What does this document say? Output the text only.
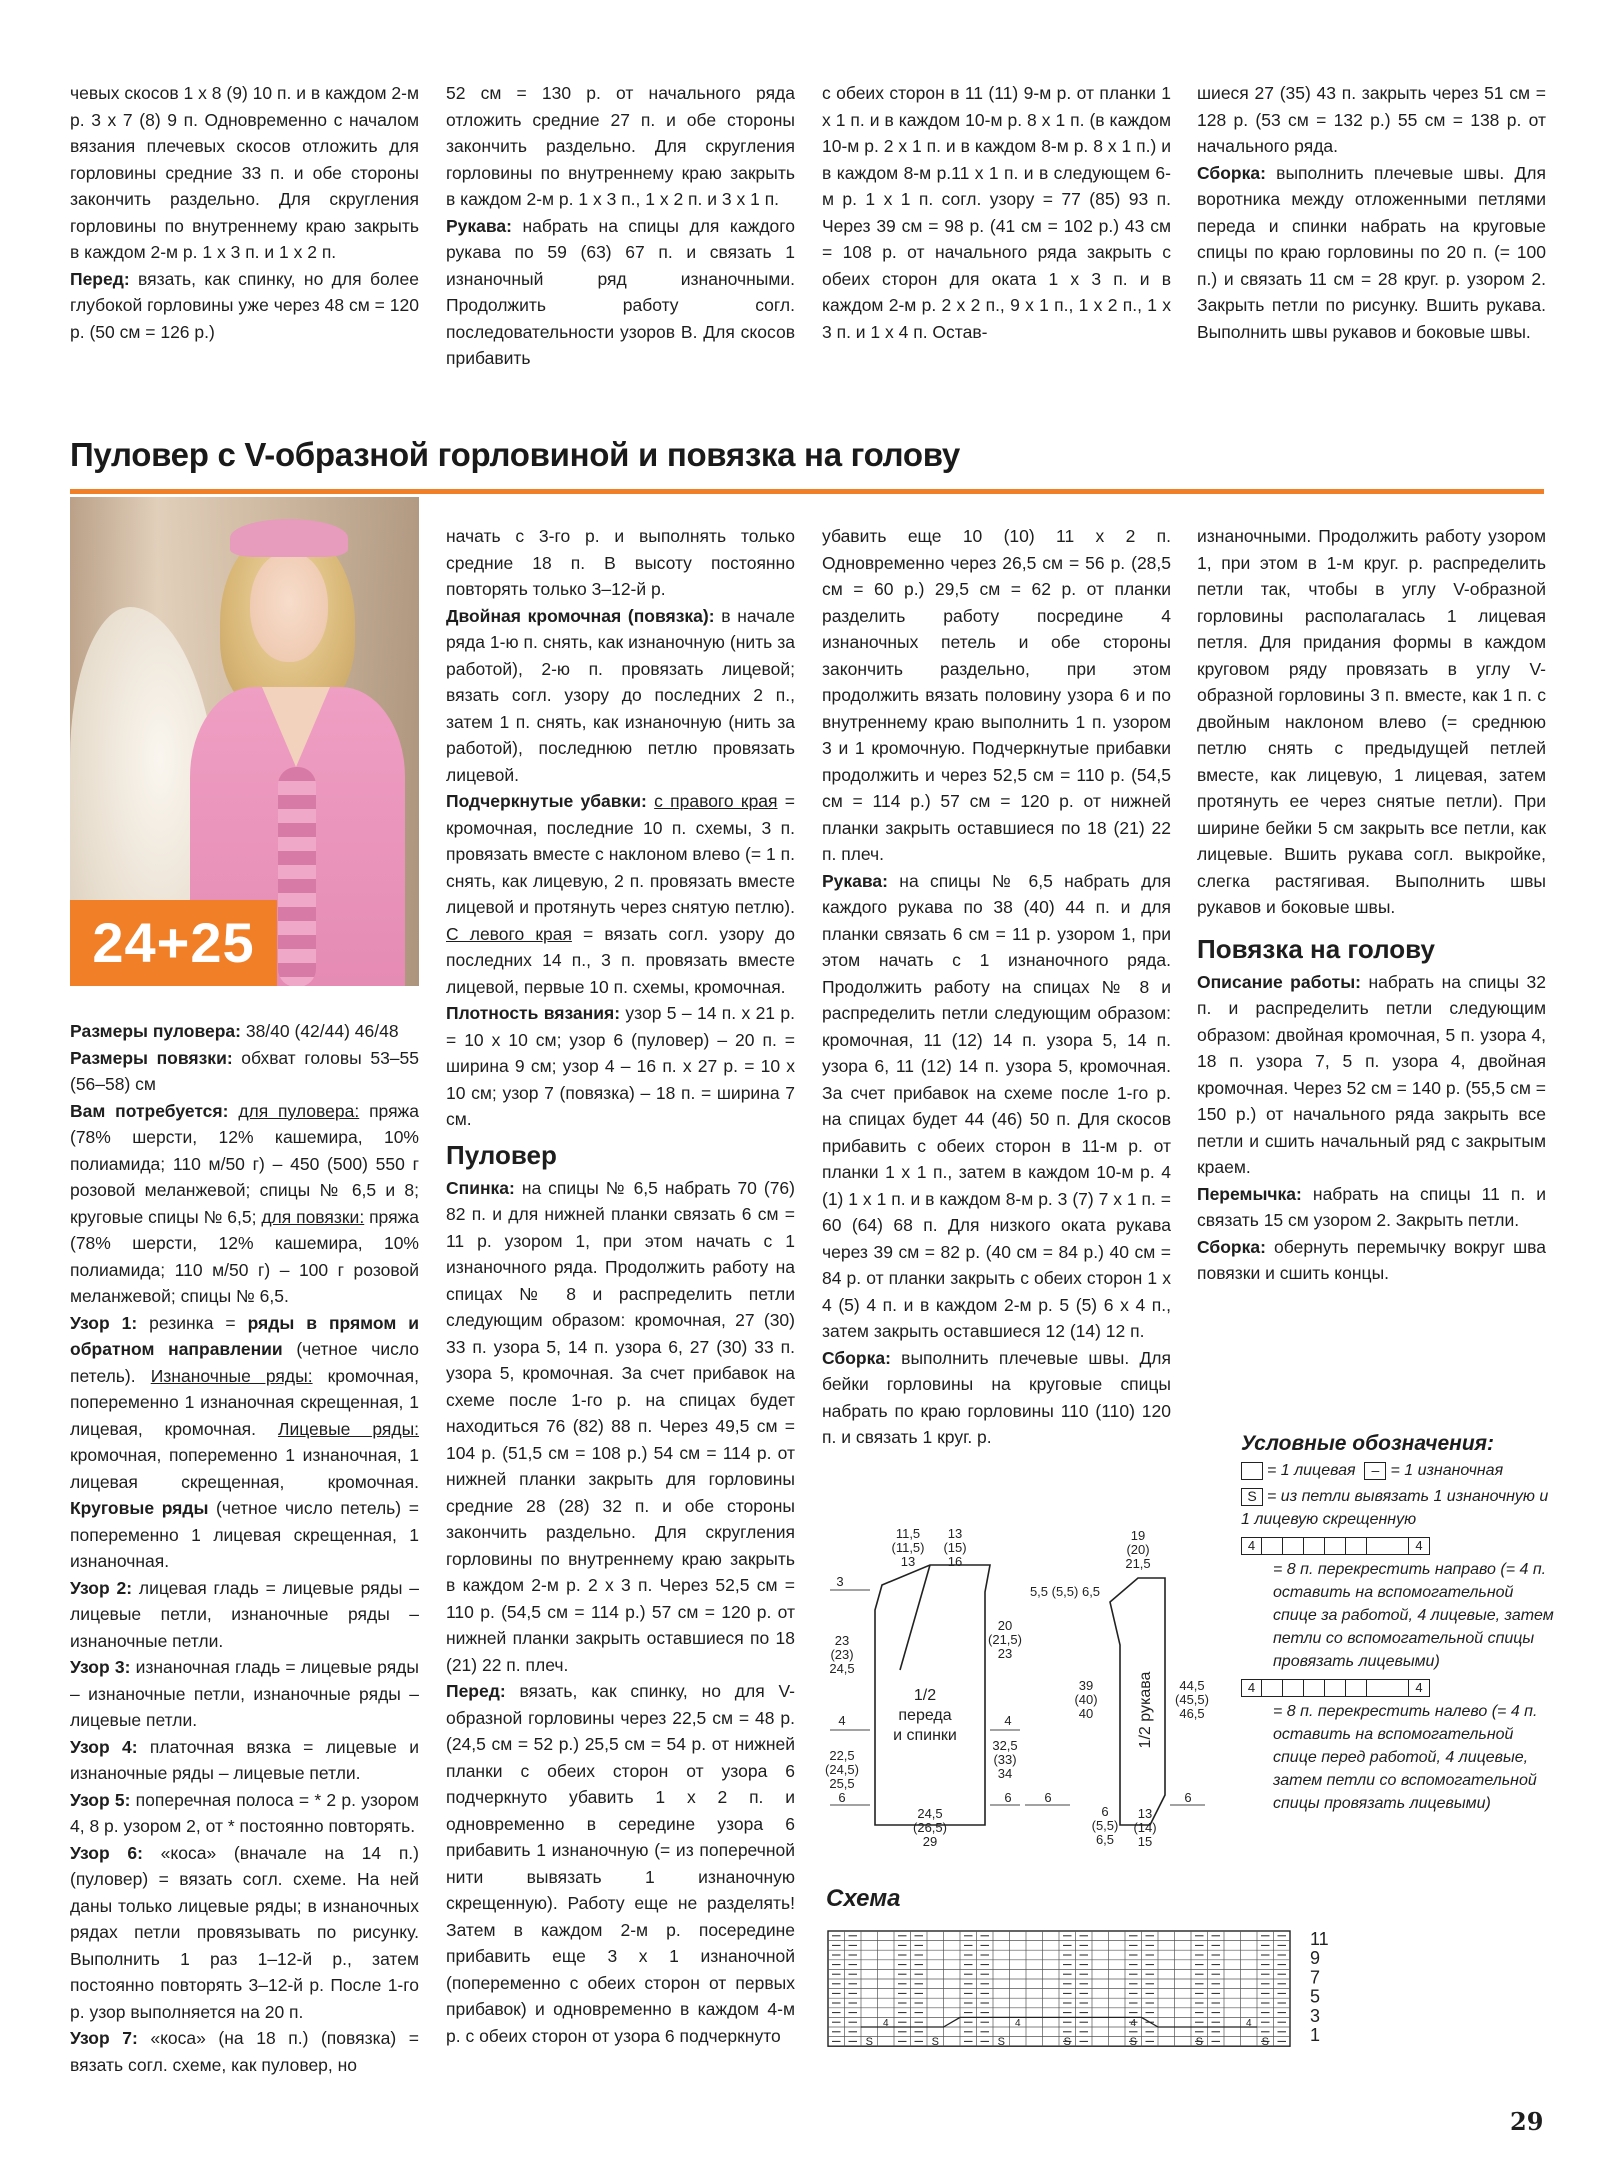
чевых скосов 1 х 8 (9) 10 п. и в каждом 2-м р. 3 х 7 (8) 9 п. Одновременно с началом вязания плечевых скосов отложить для горловины средние 33 п. и обе стороны закончить раздельно. Для скругления горловины по внутреннему краю закрыть в каждом 2-м р. 1 х 3 п. и 1 х 2 п.

Перед: вязать, как спинку, но для более глубокой горловины уже через 48 см = 120 р. (50 см = 126 р.)

52 см = 130 р. от начального ряда отложить средние 27 п. и обе стороны закончить раздельно. Для скругления горловины по внутреннему краю закрыть в каждом 2-м р. 1 х 3 п., 1 х 2 п. и 3 х 1 п.

Рукава: набрать на спицы для каждого рукава по 59 (63) 67 п. и связать 1 изнаночный ряд изнаночными. Продолжить работу согл. последовательности узоров В. Для скосов прибавить

с обеих сторон в 11 (11) 9-м р. от планки 1 х 1 п. и в каждом 10-м р. 8 х 1 п. (в каждом 10-м р. 2 х 1 п. и в каждом 8-м р. 8 х 1 п.) и в каждом 8-м р.11 х 1 п. и в следующем 6-м р. 1 х 1 п. согл. узору = 77 (85) 93 п. Через 39 см = 98 р. (41 см = 102 р.) 43 см = 108 р. от начального ряда закрыть с обеих сторон для оката 1 х 3 п. и в каждом 2-м р. 2 х 2 п., 9 х 1 п., 1 х 2 п., 1 х 3 п. и 1 х 4 п. Остав-

шиеся 27 (35) 43 п. закрыть через 51 см = 128 р. (53 см = 132 р.) 55 см = 138 р. от начального ряда.

Сборка: выполнить плечевые швы. Для воротника между отложенными петлями переда и спинки набрать на круговые спицы по краю горловины по 20 п. (= 100 п.) и связать 11 см = 28 круг. р. узором 2. Закрыть петли по рисунку. Вшить рукава. Выполнить швы рукавов и боковые швы.

Пуловер с V-образной горловиной и повязка на голову
24+25

Размеры пуловера: 38/40 (42/44) 46/48

Размеры повязки: обхват головы 53–55 (56–58) см

Вам потребуется: для пуловера: пряжа (78% шерсти, 12% кашемира, 10% полиамида; 110 м/50 г) – 450 (500) 550 г розовой меланжевой; спицы № 6,5 и 8; круговые спицы № 6,5; для повязки: пряжа (78% шерсти, 12% кашемира, 10% полиамида; 110 м/50 г) – 100 г розовой меланжевой; спицы № 6,5.

Узор 1: резинка = ряды в прямом и обратном направлении (четное число петель). Изнаночные ряды: кромочная, попеременно 1 изнаночная скрещенная, 1 лицевая, кромочная. Лицевые ряды: кромочная, попеременно 1 изнаночная, 1 лицевая скрещенная, кромочная. Круговые ряды (четное число петель) = попеременно 1 лицевая скрещенная, 1 изнаночная.

Узор 2: лицевая гладь = лицевые ряды – лицевые петли, изнаночные ряды – изнаночные петли.

Узор 3: изнаночная гладь = лицевые ряды – изнаночные петли, изнаночные ряды – лицевые петли.

Узор 4: платочная вязка = лицевые и изнаночные ряды – лицевые петли.

Узор 5: поперечная полоса = * 2 р. узором 4, 8 р. узором 2, от * постоянно повторять.

Узор 6: «коса» (вначале на 14 п.) (пуловер) = вязать согл. схеме. На ней даны только лицевые ряды; в изнаночных рядах петли провязывать по рисунку. Выполнить 1 раз 1–12-й р., затем постоянно повторять 3–12-й р. После 1-го р. узор выполняется на 20 п.

Узор 7: «коса» (на 18 п.) (повязка) = вязать согл. схеме, как пуловер, но

начать с 3-го р. и выполнять только средние 18 п. В высоту постоянно повторять только 3–12-й р.

Двойная кромочная (повязка): в начале ряда 1-ю п. снять, как изнаночную (нить за работой), 2-ю п. провязать лицевой; вязать согл. узору до последних 2 п., затем 1 п. снять, как изнаночную (нить за работой), последнюю петлю провязать лицевой.

Подчеркнутые убавки: с правого края = кромочная, последние 10 п. схемы, 3 п. провязать вместе с наклоном влево (= 1 п. снять, как лицевую, 2 п. провязать вместе лицевой и протянуть через снятую петлю). С левого края = вязать согл. узору до последних 14 п., 3 п. провязать вместе лицевой, первые 10 п. схемы, кромочная.

Плотность вязания: узор 5 – 14 п. х 21 р. = 10 х 10 см; узор 6 (пуловер) – 20 п. = ширина 9 см; узор 4 – 16 п. х 27 р. = 10 х 10 см; узор 7 (повязка) – 18 п. = ширина 7 см.

Пуловер

Спинка: на спицы № 6,5 набрать 70 (76) 82 п. и для нижней планки связать 6 см = 11 р. узором 1, при этом начать с 1 изнаночного ряда. Продолжить работу на спицах № 8 и распределить петли следующим образом: кромочная, 27 (30) 33 п. узора 5, 14 п. узора 6, 27 (30) 33 п. узора 5, кромочная. За счет прибавок на схеме после 1-го р. на спицах будет находиться 76 (82) 88 п. Через 49,5 см = 104 р. (51,5 см = 108 р.) 54 см = 114 р. от нижней планки закрыть для горловины средние 28 (28) 32 п. и обе стороны закончить раздельно. Для скругления горловины по внутреннему краю закрыть в каждом 2-м р. 2 х 3 п. Через 52,5 см = 110 р. (54,5 см = 114 р.) 57 см = 120 р. от нижней планки закрыть оставшиеся по 18 (21) 22 п. плеч.

Перед: вязать, как спинку, но для V-образной горловины через 22,5 см = 48 р. (24,5 см = 52 р.) 25,5 см = 54 р. от нижней планки с обеих сторон от узора 6 подчеркнуто убавить 1 х 2 п. и одновременно в середине узора 6 прибавить 1 изнаночную (= из поперечной нити вывязать 1 изнаночную скрещенную). Работу еще не разделять! Затем в каждом 2-м р. посередине прибавить еще 3 х 1 изнаночной (попеременно с обеих сторон от первых прибавок) и одновременно в каждом 4-м р. с обеих сторон от узора 6 подчеркнуто

убавить еще 10 (10) 11 х 2 п. Одновременно через 26,5 см = 56 р. (28,5 см = 60 р.) 29,5 см = 62 р. от планки разделить работу посредине 4 изнаночных петель и обе стороны закончить раздельно, при этом продолжить вязать половину узора 6 и по внутреннему краю выполнить 1 п. узором 3 и 1 кромочную. Подчеркнутые прибавки продолжить и через 52,5 см = 110 р. (54,5 см = 114 р.) 57 см = 120 р. от нижней планки закрыть оставшиеся по 18 (21) 22 п. плеч.

Рукава: на спицы № 6,5 набрать для каждого рукава по 38 (40) 44 п. и для планки связать 6 см = 11 р. узором 1, при этом начать с 1 изнаночного ряда. Продолжить работу на спицах № 8 и распределить петли следующим образом: кромочная, 11 (12) 14 п. узора 5, 14 п. узора 6, 11 (12) 14 п. узора 5, кромочная. За счет прибавок на схеме после 1-го р. на спицах будет 44 (46) 50 п. Для скосов прибавить с обеих сторон в 11-м р. от планки 1 х 1 п., затем в каждом 10-м р. 4 (1) 1 х 1 п. и в каждом 8-м р. 3 (7) 7 х 1 п. = 60 (64) 68 п. Для низкого оката рукава через 39 см = 82 р. (40 см = 84 р.) 40 см = 84 р. от планки закрыть с обеих сторон 1 х 4 (5) 4 п. и в каждом 2-м р. 5 (5) 6 х 4 п., затем закрыть оставшиеся 12 (14) 12 п.

Сборка: выполнить плечевые швы. Для бейки горловины на круговые спицы набрать по краю горловины 110 (110) 120 п. и связать 1 круг. р.

изнаночными. Продолжить работу узором 1, при этом в 1-м круг. р. распределить петли так, чтобы в углу V-образной горловины располагалась 1 лицевая петля. Для придания формы в каждом круговом ряду провязать в углу V-образной горловины 3 п. вместе, как 1 п. с двойным наклоном влево (= среднюю петлю снять с предыдущей петлей вместе, как лицевую, 1 лицевая, затем протянуть ее через снятые петли). При ширине бейки 5 см закрыть все петли, как лицевые. Вшить рукава согл. выкройке, слегка растягивая. Выполнить швы рукавов и боковые швы.

Повязка на голову

Описание работы: набрать на спицы 32 п. и распределить петли следующим образом: двойная кромочная, 5 п. узора 4, 18 п. узора 7, 5 п. узора 4, двойная кромочная. Через 52 см = 140 р. (55,5 см = 150 р.) от начального ряда закрыть все петли и сшить начальный ряд с закрытым краем.

Перемычка: набрать на спицы 11 п. и связать 15 см узором 2. Закрыть петли.

Сборка: обернуть перемычку вокруг шва повязки и сшить концы.

Условные обозначения:
= 1 лицевая – = 1 изнаночная
S = из петли вывязать 1 изнаночную и 1 лицевую скрещенную
4	4
= 8 п. перекрестить направо (= 4 п. оставить на вспомогательной спице за работой, 4 лицевые, затем петли со вспомогательной спицы провязать лицевыми)
4	4
= 8 п. перекрестить налево (= 4 п. оставить на вспомогательной спице перед работой, 4 лицевые, затем петли со вспомогательной спицы провязать лицевыми)
11,5
(11,5)
13
13
(15)
16
3
20
(21,5)
23
23
(23)
24,5
4	4
32,5
(33)
34
22,5
(24,5)
25,5
6	6	6	6
24,5
(26,5)
29
19
(20)
21,5
5,5 (5,5) 6,5
39
(40)
40
44,5
(45,5)
46,5
6
(5,5)
6,5
13
(14)
15
1/2
переда
и спинки	1/2 рукава
Схема
S	S	S	S	S	S	S
4	4	4	4
11
9
7
5
3
1
29
